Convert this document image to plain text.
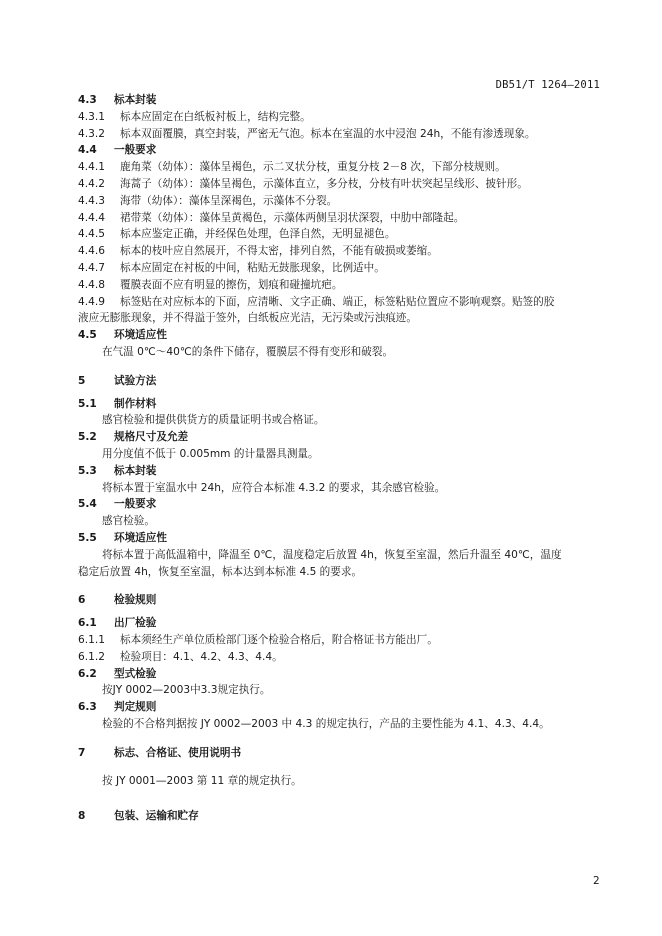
DB51/T 1264—2011
4.3 标本封装
4.3.1 标本应固定在白纸板衬板上，结构完整。
4.3.2 标本双面覆膜，真空封装，严密无气泡。标本在室温的水中浸泡 24h，不能有渗透现象。
4.4 一般要求
4.4.1 鹿角菜（幼体）：藻体呈褐色，示二叉状分枝，重复分枝 2－8 次，下部分枝规则。
4.4.2 海蒿子（幼体）：藻体呈褐色，示藻体直立，多分枝，分枝有叶状突起呈线形、披针形。
4.4.3 海带（幼体）：藻体呈深褐色，示藻体不分裂。
4.4.4 裙带菜（幼体）：藻体呈黄褐色，示藻体两侧呈羽状深裂，中肋中部隆起。
4.4.5 标本应鉴定正确，并经保色处理，色泽自然，无明显褪色。
4.4.6 标本的枝叶应自然展开，不得太密，排列自然，不能有破损或萎缩。
4.4.7 标本应固定在衬板的中间，粘贴无鼓胀现象，比例适中。
4.4.8 覆膜表面不应有明显的擦伤，划痕和碰撞坑疤。
4.4.9 标签贴在对应标本的下面，应清晰、文字正确、端正，标签粘贴位置应不影响观察。贴签的胶
液应无膨胀现象，并不得溢于签外，白纸板应光洁，无污染或污浊痕迹。
4.5 环境适应性
在气温 0℃～40℃的条件下储存，覆膜层不得有变形和破裂。
5	试验方法
5.1 制作材料
感官检验和提供供货方的质量证明书或合格证。
5.2 规格尺寸及允差
用分度值不低于 0.005mm 的计量器具测量。
5.3 标本封装
将标本置于室温水中 24h，应符合本标准 4.3.2 的要求，其余感官检验。
5.4 一般要求
感官检验。
5.5 环境适应性
将标本置于高低温箱中，降温至 0℃，温度稳定后放置 4h，恢复至室温，然后升温至 40℃，温度
稳定后放置 4h，恢复至室温，标本达到本标准 4.5 的要求。
6	检验规则
6.1 出厂检验
6.1.1 标本须经生产单位质检部门逐个检验合格后，附合格证书方能出厂。
6.1.2 检验项目：4.1、4.2、4.3、4.4。
6.2 型式检验
按JY 0002—2003中3.3规定执行。
6.3 判定规则
检验的不合格判据按 JY 0002—2003 中 4.3 的规定执行，产品的主要性能为 4.1、4.3、4.4。
7	标志、合格证、使用说明书
按 JY 0001—2003 第 11 章的规定执行。
8	包装、运输和贮存
2
